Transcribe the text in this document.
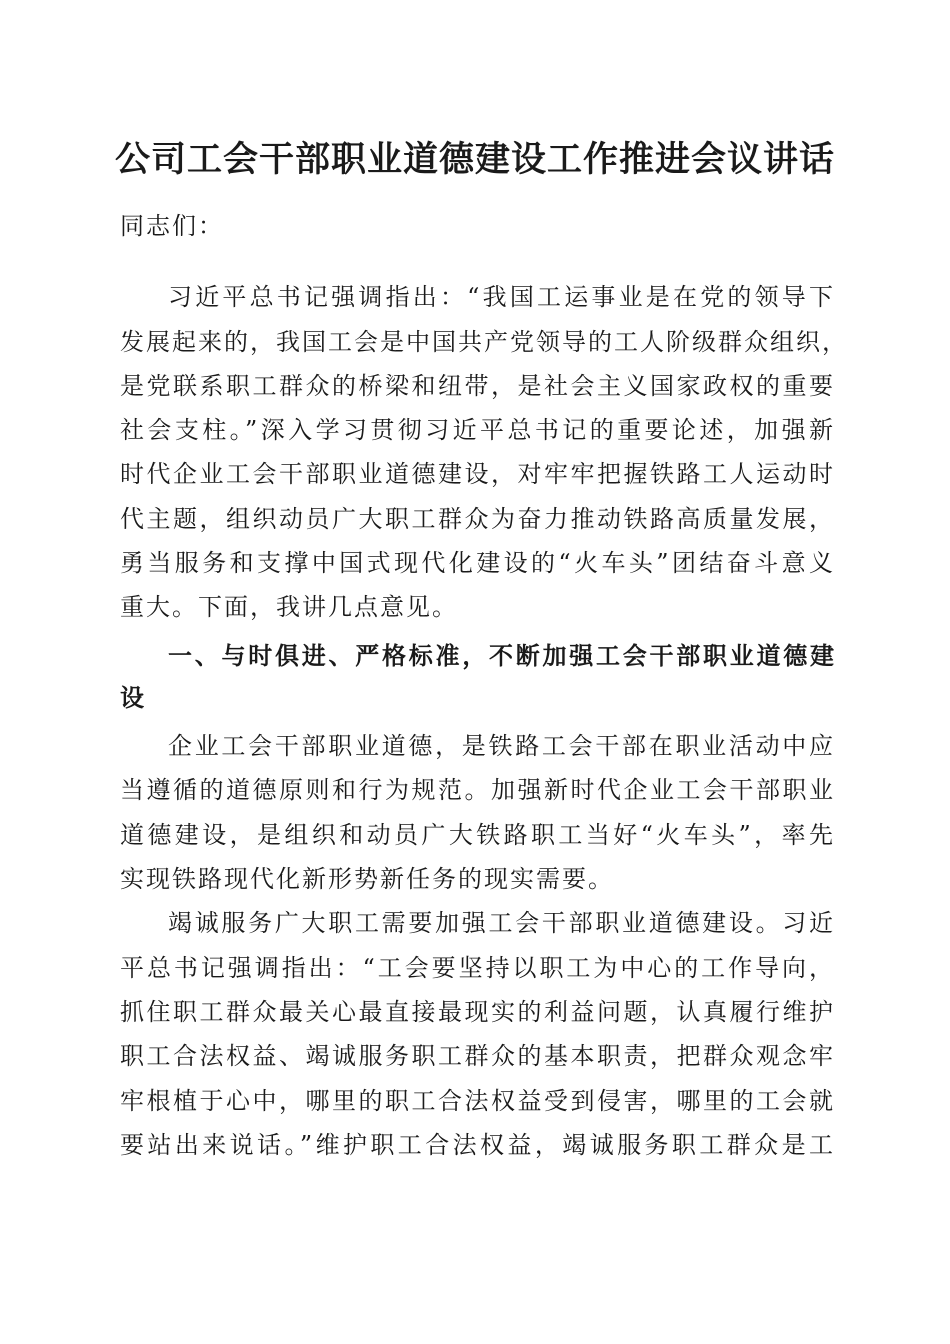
公司工会干部职业道德建设工作推进会议讲话
同志们：
习近平总书记强调指出：“我国工运事业是在党的领导下
发展起来的，我国工会是中国共产党领导的工人阶级群众组织，
是党联系职工群众的桥梁和纽带，是社会主义国家政权的重要
社会支柱。”深入学习贯彻习近平总书记的重要论述，加强新
时代企业工会干部职业道德建设，对牢牢把握铁路工人运动时
代主题，组织动员广大职工群众为奋力推动铁路高质量发展，
勇当服务和支撑中国式现代化建设的“火车头”团结奋斗意义
重大。下面，我讲几点意见。
一、与时俱进、严格标准，不断加强工会干部职业道德建
设
企业工会干部职业道德，是铁路工会干部在职业活动中应
当遵循的道德原则和行为规范。加强新时代企业工会干部职业
道德建设，是组织和动员广大铁路职工当好“火车头”，率先
实现铁路现代化新形势新任务的现实需要。
竭诚服务广大职工需要加强工会干部职业道德建设。习近
平总书记强调指出：“工会要坚持以职工为中心的工作导向，
抓住职工群众最关心最直接最现实的利益问题，认真履行维护
职工合法权益、竭诚服务职工群众的基本职责，把群众观念牢
牢根植于心中，哪里的职工合法权益受到侵害，哪里的工会就
要站出来说话。”维护职工合法权益，竭诚服务职工群众是工
